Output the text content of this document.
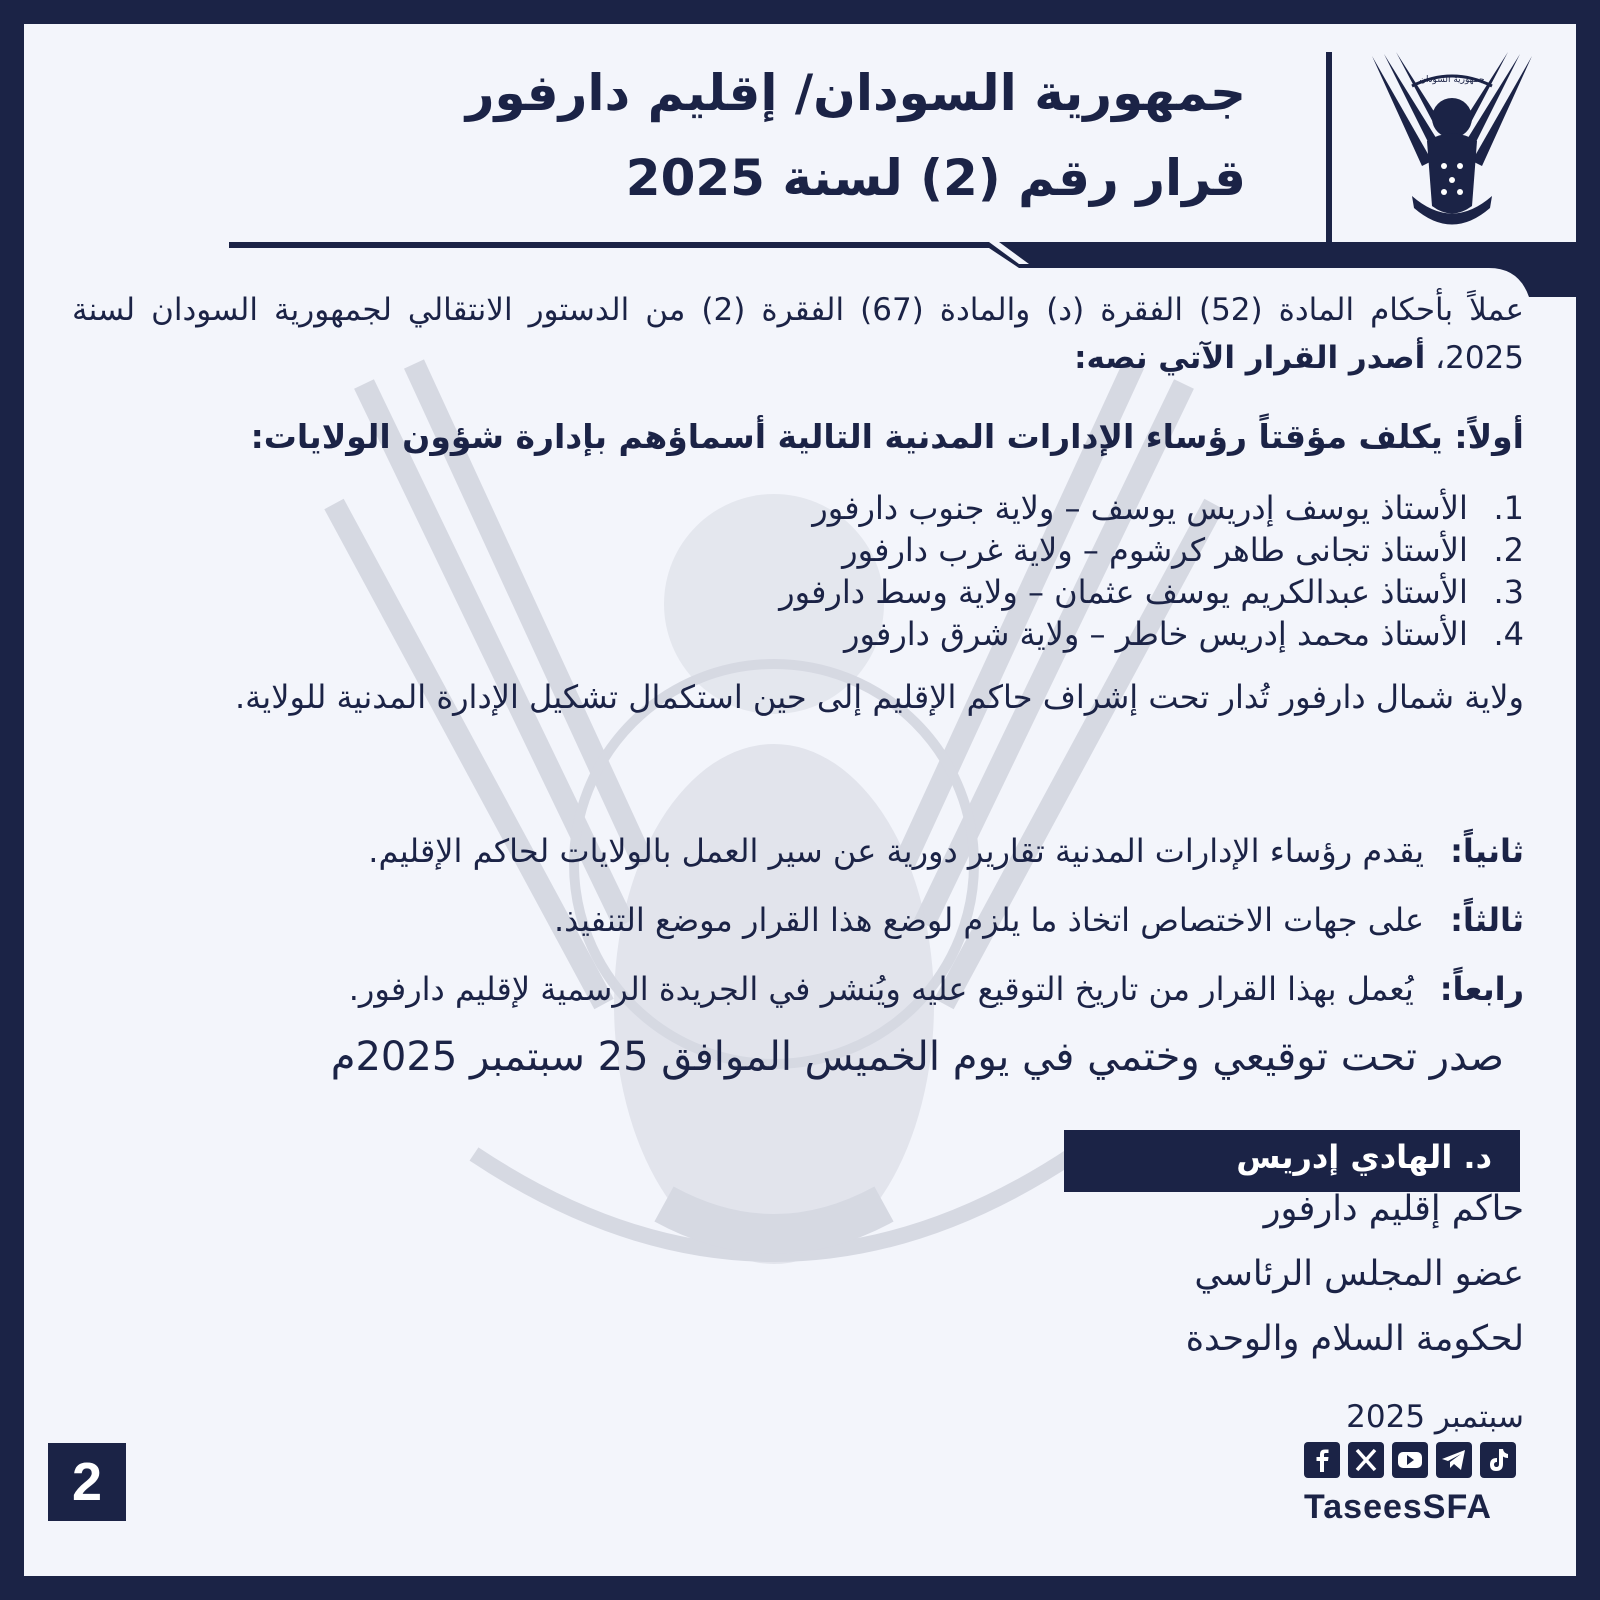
جمهورية السودان/ إقليم دارفور
قرار رقم (2) لسنة 2025
جمهورية السودان
عملاً بأحكام المادة (52) الفقرة (د) والمادة (67) الفقرة (2) من الدستور الانتقالي لجمهورية السودان لسنة 2025، أصدر القرار الآتي نصه:
أولاً: يكلف مؤقتاً رؤساء الإدارات المدنية التالية أسماؤهم بإدارة شؤون الولايات:
1. الأستاذ يوسف إدريس يوسف – ولاية جنوب دارفور
2. الأستاذ تجانى طاهر كرشوم – ولاية غرب دارفور
3. الأستاذ عبدالكريم يوسف عثمان – ولاية وسط دارفور
4. الأستاذ محمد إدريس خاطر – ولاية شرق دارفور
ولاية شمال دارفور تُدار تحت إشراف حاكم الإقليم إلى حين استكمال تشكيل الإدارة المدنية للولاية.
ثانياً:يقدم رؤساء الإدارات المدنية تقارير دورية عن سير العمل بالولايات لحاكم الإقليم.
ثالثاً:على جهات الاختصاص اتخاذ ما يلزم لوضع هذا القرار موضع التنفيذ.
رابعاً:يُعمل بهذا القرار من تاريخ التوقيع عليه ويُنشر في الجريدة الرسمية لإقليم دارفور.
صدر تحت توقيعي وختمي في يوم الخميس الموافق 25 سبتمبر 2025م
د. الهادي إدريس
حاكم إقليم دارفور
عضو المجلس الرئاسي
لحكومة السلام والوحدة
سبتمبر 2025
2	TaseesSFA
